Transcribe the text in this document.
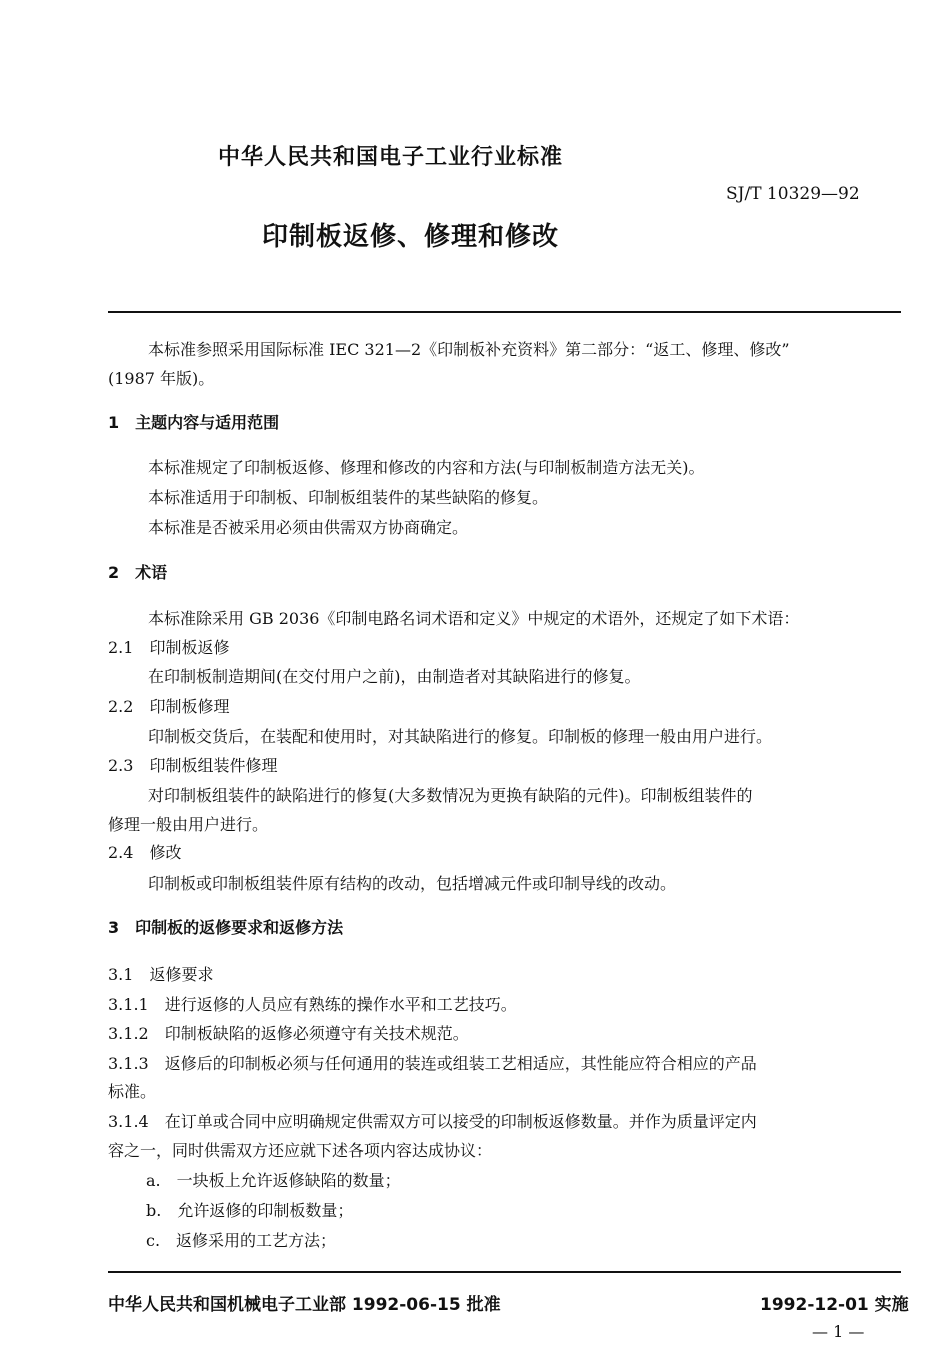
中华人民共和国电子工业行业标准
SJ/T 10329—92
印制板返修、修理和修改
本标准参照采用国际标准 IEC 321—2《印制板补充资料》第二部分：“返工、修理、修改”
(1987 年版)。
1　主题内容与适用范围
本标准规定了印制板返修、修理和修改的内容和方法(与印制板制造方法无关)。
本标准适用于印制板、印制板组装件的某些缺陷的修复。
本标准是否被采用必须由供需双方协商确定。
2　术语
本标准除采用 GB 2036《印制电路名词术语和定义》中规定的术语外，还规定了如下术语：
2.1　印制板返修
在印制板制造期间(在交付用户之前)，由制造者对其缺陷进行的修复。
2.2　印制板修理
印制板交货后，在装配和使用时，对其缺陷进行的修复。印制板的修理一般由用户进行。
2.3　印制板组装件修理
对印制板组装件的缺陷进行的修复(大多数情况为更换有缺陷的元件)。印制板组装件的
修理一般由用户进行。
2.4　修改
印制板或印制板组装件原有结构的改动，包括增减元件或印制导线的改动。
3　印制板的返修要求和返修方法
3.1　返修要求
3.1.1　进行返修的人员应有熟练的操作水平和工艺技巧。
3.1.2　印制板缺陷的返修必须遵守有关技术规范。
3.1.3　返修后的印制板必须与任何通用的装连或组装工艺相适应，其性能应符合相应的产品
标准。
3.1.4　在订单或合同中应明确规定供需双方可以接受的印制板返修数量。并作为质量评定内
容之一，同时供需双方还应就下述各项内容达成协议：
a.　一块板上允许返修缺陷的数量；
b.　允许返修的印制板数量；
c.　返修采用的工艺方法；
中华人民共和国机械电子工业部 1992-06-15 批准	1992-12-01 实施
— 1 —
